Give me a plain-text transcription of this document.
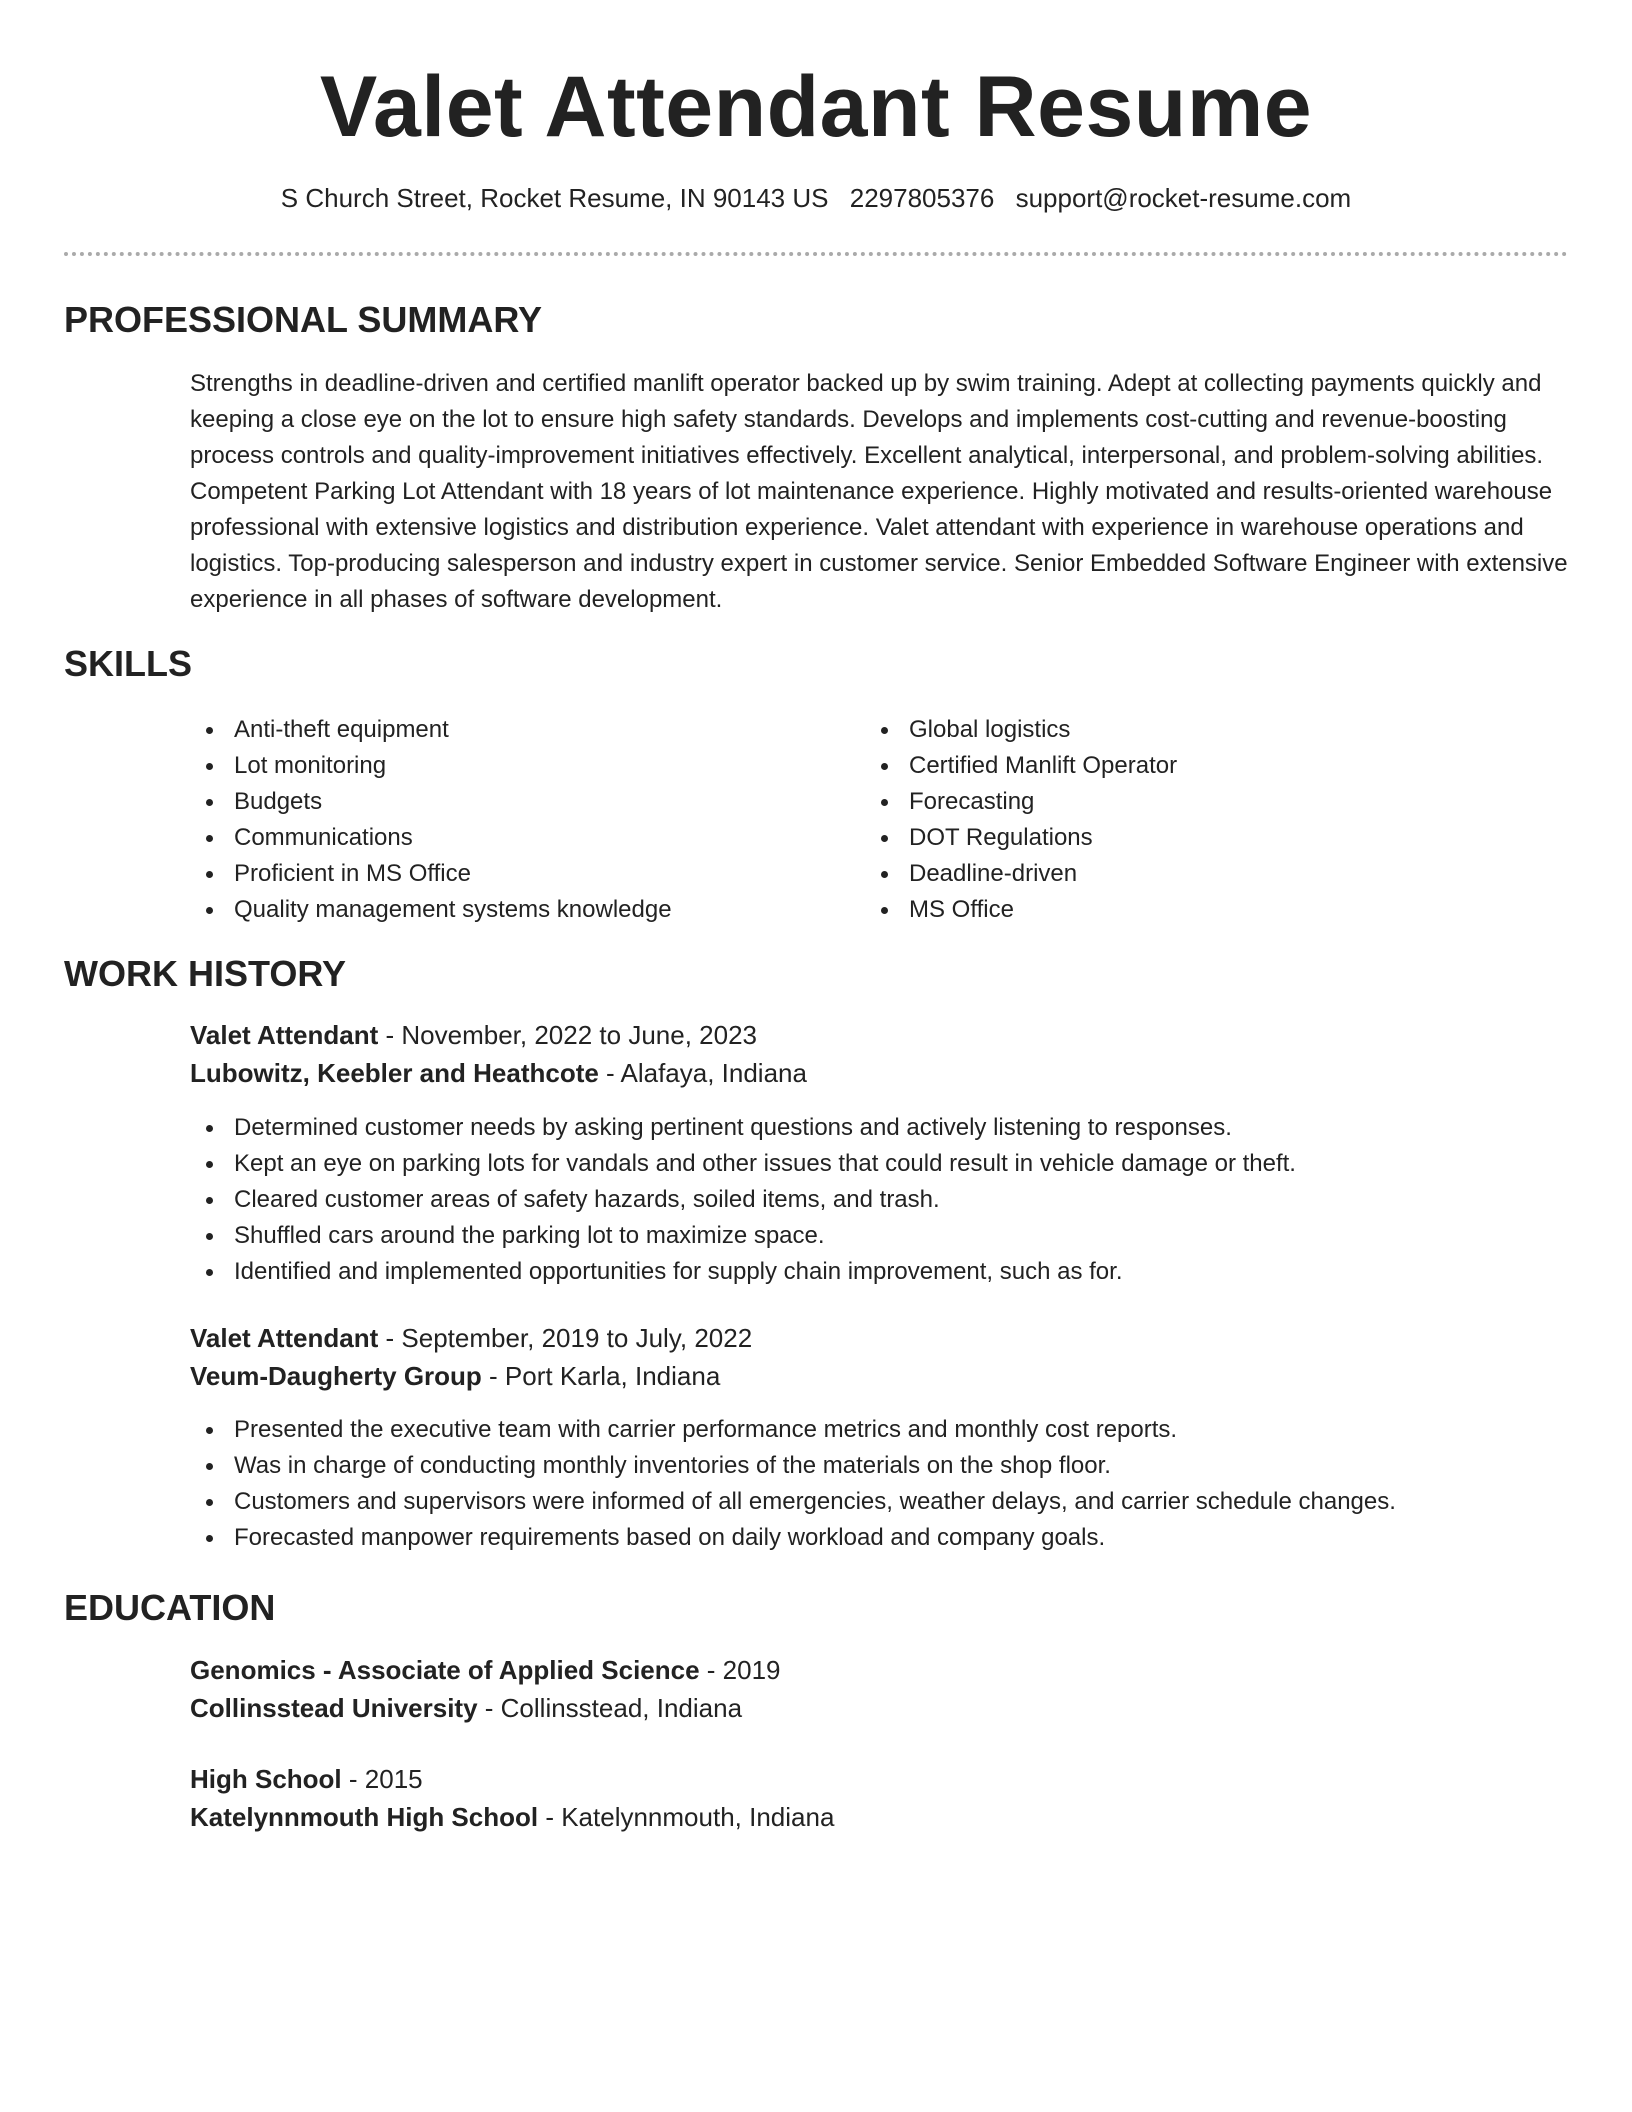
Valet Attendant Resume
S Church Street, Rocket Resume, IN 90143 US 2297805376 support@rocket-resume.com
PROFESSIONAL SUMMARY

Strengths in deadline-driven and certified manlift operator backed up by swim training. Adept at collecting payments quickly and keeping a close eye on the lot to ensure high safety standards. Develops and implements cost-cutting and revenue-boosting process controls and quality-improvement initiatives effectively. Excellent analytical, interpersonal, and problem-solving abilities. Competent Parking Lot Attendant with 18 years of lot maintenance experience. Highly motivated and results-oriented warehouse professional with extensive logistics and distribution experience. Valet attendant with experience in warehouse operations and logistics. Top-producing salesperson and industry expert in customer service. Senior Embedded Software Engineer with extensive experience in all phases of software development.

SKILLS
Anti-theft equipment
Lot monitoring
Budgets
Communications
Proficient in MS Office
Quality management systems knowledge
Global logistics
Certified Manlift Operator
Forecasting
DOT Regulations
Deadline-driven
MS Office
WORK HISTORY
Valet Attendant - November, 2022 to June, 2023
Lubowitz, Keebler and Heathcote - Alafaya, Indiana
Determined customer needs by asking pertinent questions and actively listening to responses.
Kept an eye on parking lots for vandals and other issues that could result in vehicle damage or theft.
Cleared customer areas of safety hazards, soiled items, and trash.
Shuffled cars around the parking lot to maximize space.
Identified and implemented opportunities for supply chain improvement, such as for.
Valet Attendant - September, 2019 to July, 2022
Veum-Daugherty Group - Port Karla, Indiana
Presented the executive team with carrier performance metrics and monthly cost reports.
Was in charge of conducting monthly inventories of the materials on the shop floor.
Customers and supervisors were informed of all emergencies, weather delays, and carrier schedule changes.
Forecasted manpower requirements based on daily workload and company goals.
EDUCATION
Genomics - Associate of Applied Science - 2019
Collinsstead University - Collinsstead, Indiana
High School - 2015
Katelynnmouth High School - Katelynnmouth, Indiana
